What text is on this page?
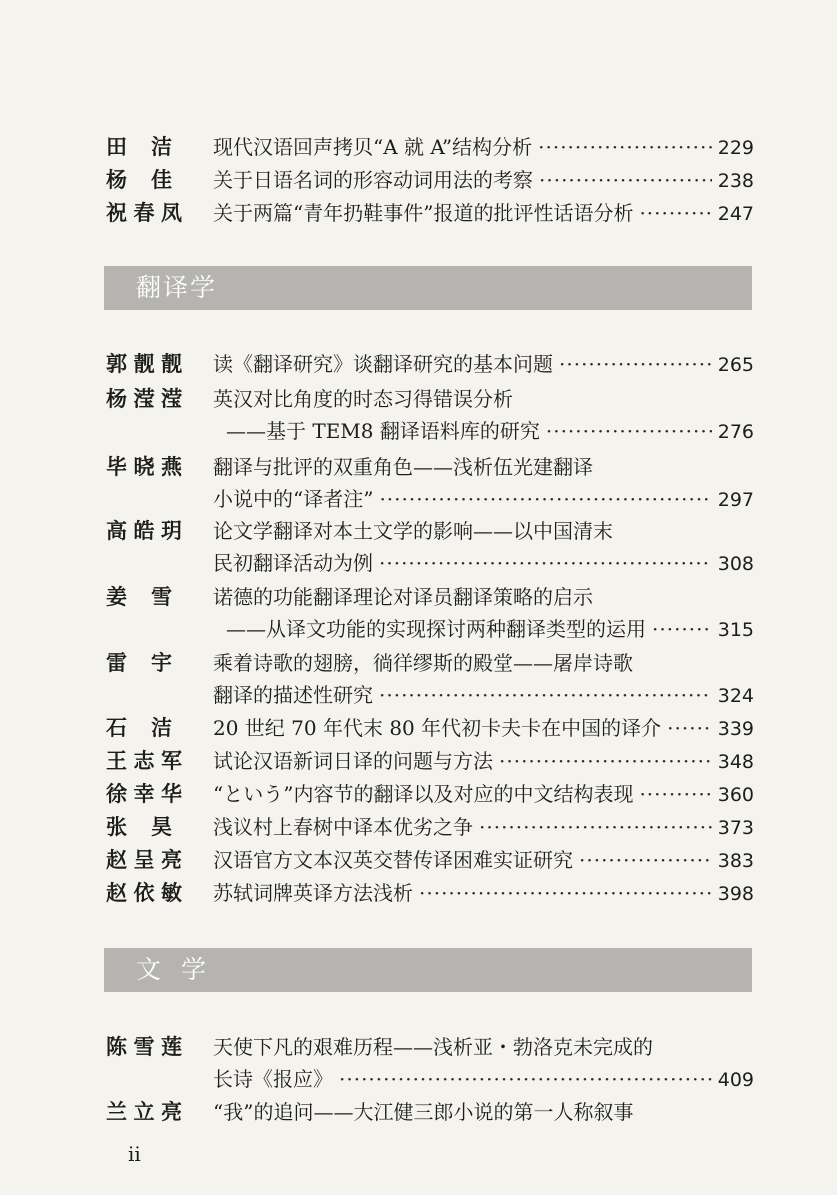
田　洁 现代汉语回声拷贝“A 就 A”结构分析 ·····	229
杨　佳 关于日语名词的形容动词用法的考察 ·····	238
祝春凤 关于两篇“青年扔鞋事件”报道的批评性话语分析 ·····	247
翻译学
郭靓靓 读《翻译研究》谈翻译研究的基本问题 ·····	265
杨滢滢 英汉对比角度的时态习得错误分析
——基于 TEM8 翻译语料库的研究 ·····	276
毕晓燕 翻译与批评的双重角色——浅析伍光建翻译
小说中的“译者注” ·····	297
高皓玥 论文学翻译对本土文学的影响——以中国清末
民初翻译活动为例 ·····	308
姜　雪 诺德的功能翻译理论对译员翻译策略的启示
——从译文功能的实现探讨两种翻译类型的运用 ·····	315
雷　宇 乘着诗歌的翅膀，徜徉缪斯的殿堂——屠岸诗歌
翻译的描述性研究 ·····	324
石　洁 20 世纪 70 年代末 80 年代初卡夫卡在中国的译介 ·····	339
王志军 试论汉语新词日译的问题与方法 ·····	348
徐幸华 “という”内容节的翻译以及对应的中文结构表现 ·····	360
张　昊 浅议村上春树中译本优劣之争 ·····	373
赵呈亮 汉语官方文本汉英交替传译困难实证研究 ·····	383
赵依敏 苏轼词牌英译方法浅析 ·····	398
文学
陈雪莲 天使下凡的艰难历程——浅析亚・勃洛克未完成的
长诗《报应》 ·····	409
兰立亮 “我”的追问——大江健三郎小说的第一人称叙事
ii
